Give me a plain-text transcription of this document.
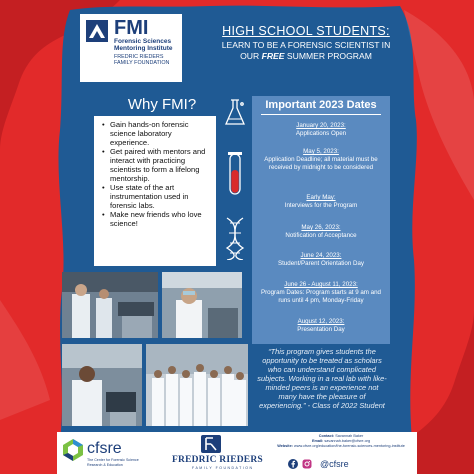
FMI
Forensic Sciences
Mentoring Institute
FREDRIC RIEDERS
FAMILY FOUNDATION
HIGH SCHOOL STUDENTS:
LEARN TO BE A FORENSIC SCIENTIST IN
OUR FREE SUMMER PROGRAM
Why FMI?
• Gain hands-on forensic science laboratory experience.
• Get paired with mentors and interact with practicing scientists to form a lifelong mentorship.
• Use state of the art instrumentation used in forensic labs.
• Make new friends who love science!
Important 2023 Dates
January 20, 2023:
Applications Open
May 5, 2023:
Application Deadline; all material must be received by midnight to be considered
Early May:
Interviews for the Program
May 26, 2023:
Notification of Acceptance
June 24, 2023:
Student/Parent Orientation Day
June 26 - August 11, 2023:
Program Dates: Program starts at 9 am and runs until 4 pm, Monday-Friday
August 12, 2023:
Presentation Day
“This program gives students the opportunity to be treated as scholars who can understand complicated subjects. Working in a real lab with like-minded peers is an experience not many have the pleasure of experiencing.” - Class of 2022 Student
cfsre
The Center for Forensic Science Research & Education	FREDRIC RIEDERS
FAMILY FOUNDATION
Contact: Savannah Baker
Email: savannah.baker@cfsre.org
Website: www.cfsre.org/education/the-forensic-sciences-mentoring-institute
@cfsre
